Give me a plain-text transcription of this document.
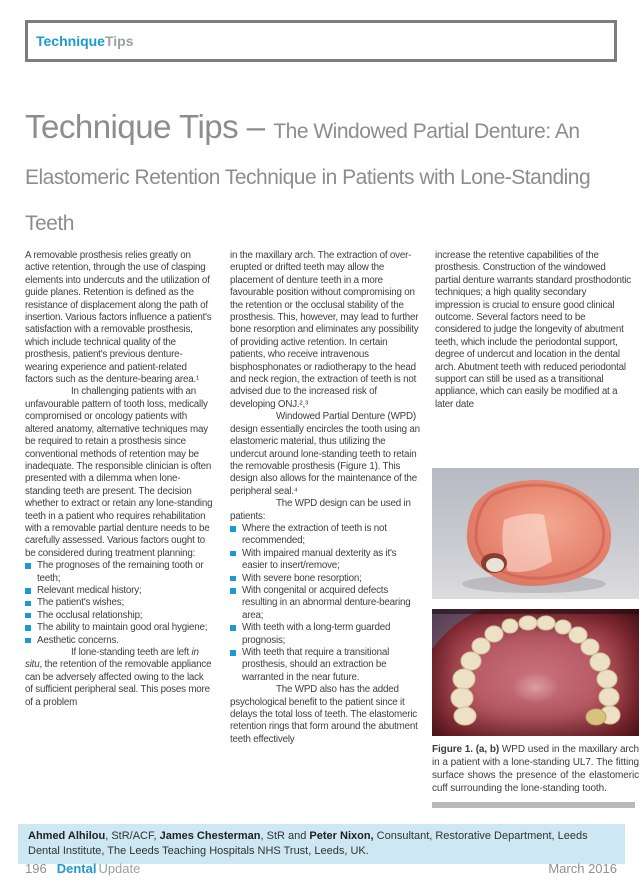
Technique Tips
Technique Tips – The Windowed Partial Denture: An Elastomeric Retention Technique in Patients with Lone-Standing Teeth

A removable prosthesis relies greatly on active retention, through the use of clasping elements into undercuts and the utilization of guide planes. Retention is defined as the resistance of displacement along the path of insertion. Various factors influence a patient's satisfaction with a removable prosthesis, which include technical quality of the prosthesis, patient's previous denture-wearing experience and patient-related factors such as the denture-bearing area.¹

In challenging patients with an unfavourable pattern of tooth loss, medically compromised or oncology patients with altered anatomy, alternative techniques may be required to retain a prosthesis since conventional methods of retention may be inadequate. The responsible clinician is often presented with a dilemma when lone-standing teeth are present. The decision whether to extract or retain any lone-standing teeth in a patient who requires rehabilitation with a removable partial denture needs to be carefully assessed. Various factors ought to be considered during treatment planning:

The prognoses of the remaining tooth or teeth;
Relevant medical history;
The patient's wishes;
The occlusal relationship;
The ability to maintain good oral hygiene;
Aesthetic concerns.

If lone-standing teeth are left in situ, the retention of the removable appliance can be adversely affected owing to the lack of sufficient peripheral seal. This poses more of a problem

in the maxillary arch. The extraction of over-erupted or drifted teeth may allow the placement of denture teeth in a more favourable position without compromising on the retention or the occlusal stability of the prosthesis. This, however, may lead to further bone resorption and eliminates any possibility of providing active retention. In certain patients, who receive intravenous bisphosphonates or radiotherapy to the head and neck region, the extraction of teeth is not advised due to the increased risk of developing ONJ.²,³

Windowed Partial Denture (WPD) design essentially encircles the tooth using an elastomeric material, thus utilizing the undercut around lone-standing teeth to retain the removable prosthesis (Figure 1). This design also allows for the maintenance of the peripheral seal.⁴

The WPD design can be used in patients:

Where the extraction of teeth is not recommended;
With impaired manual dexterity as it's easier to insert/remove;
With severe bone resorption;
With congenital or acquired defects resulting in an abnormal denture-bearing area;
With teeth with a long-term guarded prognosis;
With teeth that require a transitional prosthesis, should an extraction be warranted in the near future.

The WPD also has the added psychological benefit to the patient since it delays the total loss of teeth. The elastomeric retention rings that form around the abutment teeth effectively

increase the retentive capabilities of the prosthesis. Construction of the windowed partial denture warrants standard prosthodontic techniques; a high quality secondary impression is crucial to ensure good clinical outcome. Several factors need to be considered to judge the longevity of abutment teeth, which include the periodontal support, degree of undercut and location in the dental arch. Abutment teeth with reduced periodontal support can still be used as a transitional appliance, which can easily be modified at a later date

Figure 1. (a, b) WPD used in the maxillary arch in a patient with a lone-standing UL7. The fitting surface shows the presence of the elastomeric cuff surrounding the lone-standing tooth.

Ahmed Alhilou, StR/ACF, James Chesterman, StR and Peter Nixon, Consultant, Restorative Department, Leeds Dental Institute, The Leeds Teaching Hospitals NHS Trust, Leeds, UK.
196 Dental Update	March 2016
